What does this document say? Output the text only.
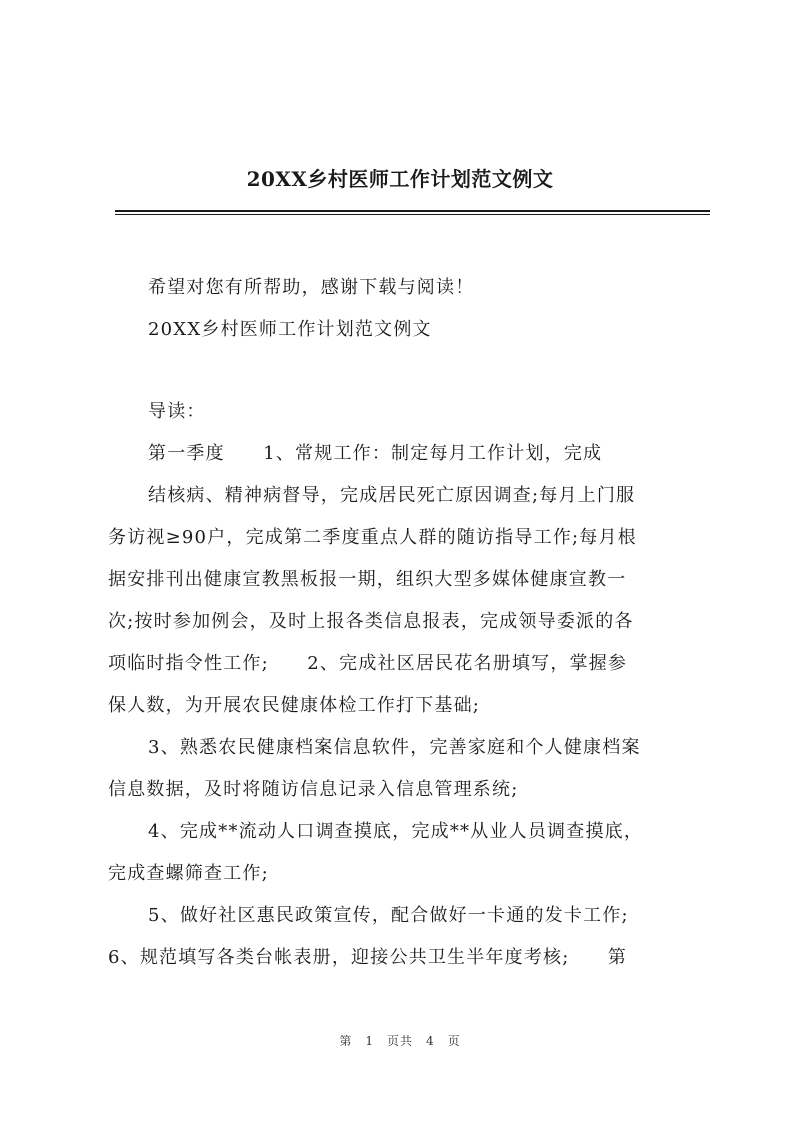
20XX乡村医师工作计划范文例文

希望对您有所帮助，感谢下载与阅读！

20XX乡村医师工作计划范文例文

导读：

第一季度　　1、常规工作：制定每月工作计划，完成

结核病、精神病督导，完成居民死亡原因调查;每月上门服

务访视≥90户，完成第二季度重点人群的随访指导工作;每月根

据安排刊出健康宣教黑板报一期，组织大型多媒体健康宣教一

次;按时参加例会，及时上报各类信息报表，完成领导委派的各

项临时指令性工作;　　2、完成社区居民花名册填写，掌握参

保人数，为开展农民健康体检工作打下基础;

3、熟悉农民健康档案信息软件，完善家庭和个人健康档案

信息数据，及时将随访信息记录入信息管理系统;

4、完成**流动人口调查摸底，完成**从业人员调查摸底，

完成查螺筛查工作;

5、做好社区惠民政策宣传，配合做好一卡通的发卡工作;

6、规范填写各类台帐表册，迎接公共卫生半年度考核;　　第

第　1　页共　4　页
